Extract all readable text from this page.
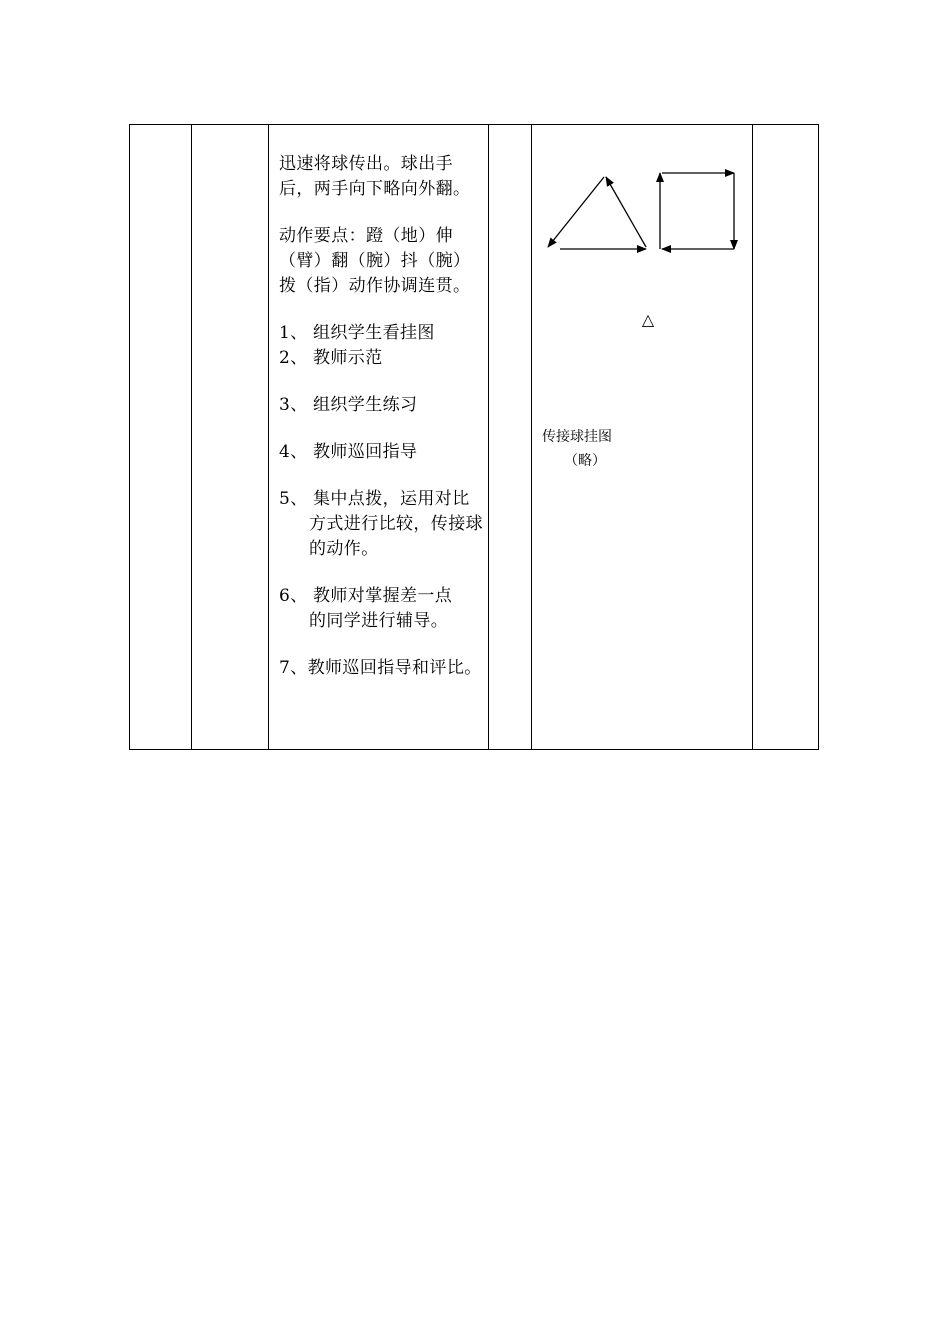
迅速将球传出。球出手后，两手向下略向外翻。

动作要点：蹬（地）伸（臂）翻（腕）抖（腕）拨（指）动作协调连贯。

1、 组织学生看挂图
2、 教师示范
3、 组织学生练习
4、 教师巡回指导
5、 集中点拨，运用对比

方式进行比较，传接球的动作。

6、 教师对掌握差一点

的同学进行辅导。

7、教师巡回指导和评比。

△
传接球挂图
（略）
